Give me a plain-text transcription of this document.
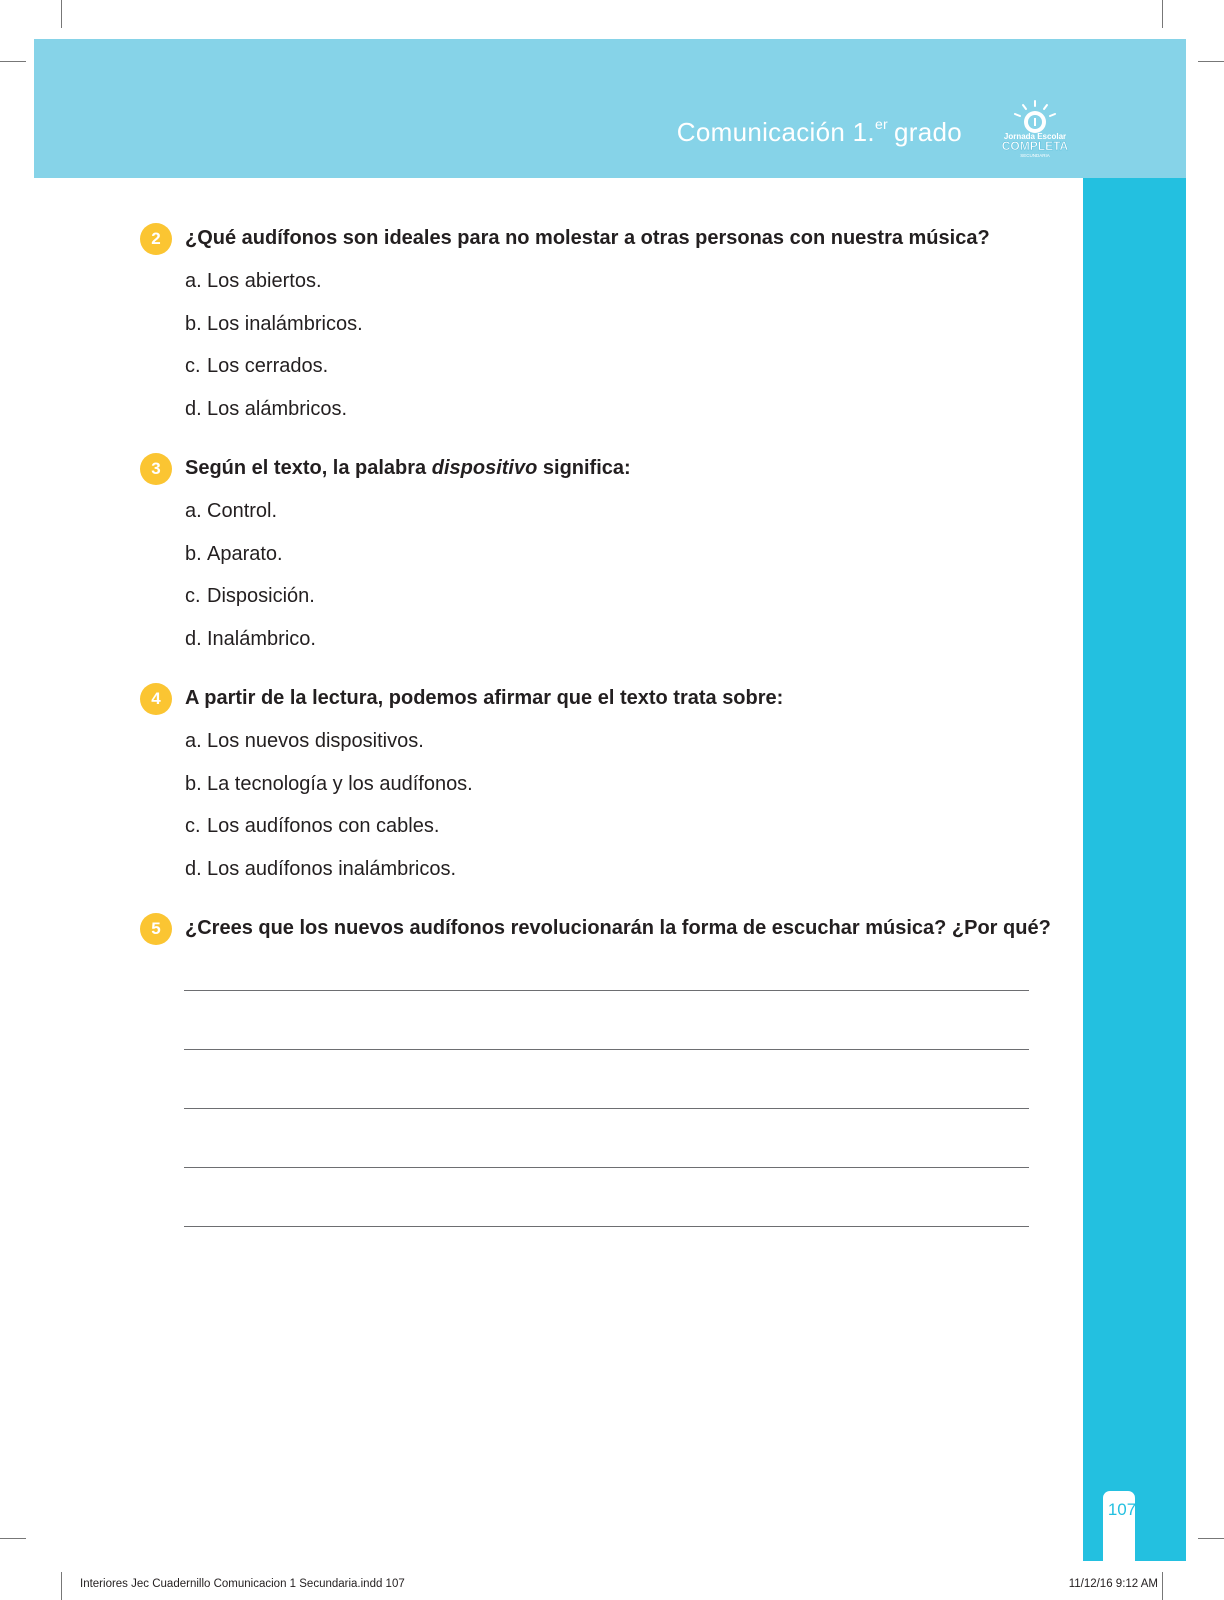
Comunicación 1.$^{er}$ grado	Jornada Escolar
COMPLETA
SECUNDARIA
107
2	¿Qué audífonos son ideales para no molestar a otras personas con nuestra música?
a. Los abiertos.
b. Los inalámbricos.
c. Los cerrados.
d. Los alámbricos.
3	Según el texto, la palabra dispositivo significa:
a. Control.
b. Aparato.
c. Disposición.
d. Inalámbrico.
4	A partir de la lectura, podemos afirmar que el texto trata sobre:
a. Los nuevos dispositivos.
b. La tecnología y los audífonos.
c. Los audífonos con cables.
d. Los audífonos inalámbricos.
5	¿Crees que los nuevos audífonos revolucionarán la forma de escuchar música? ¿Por qué?
Interiores Jec Cuadernillo Comunicacion 1 Secundaria.indd 107	11/12/16 9:12 AM
